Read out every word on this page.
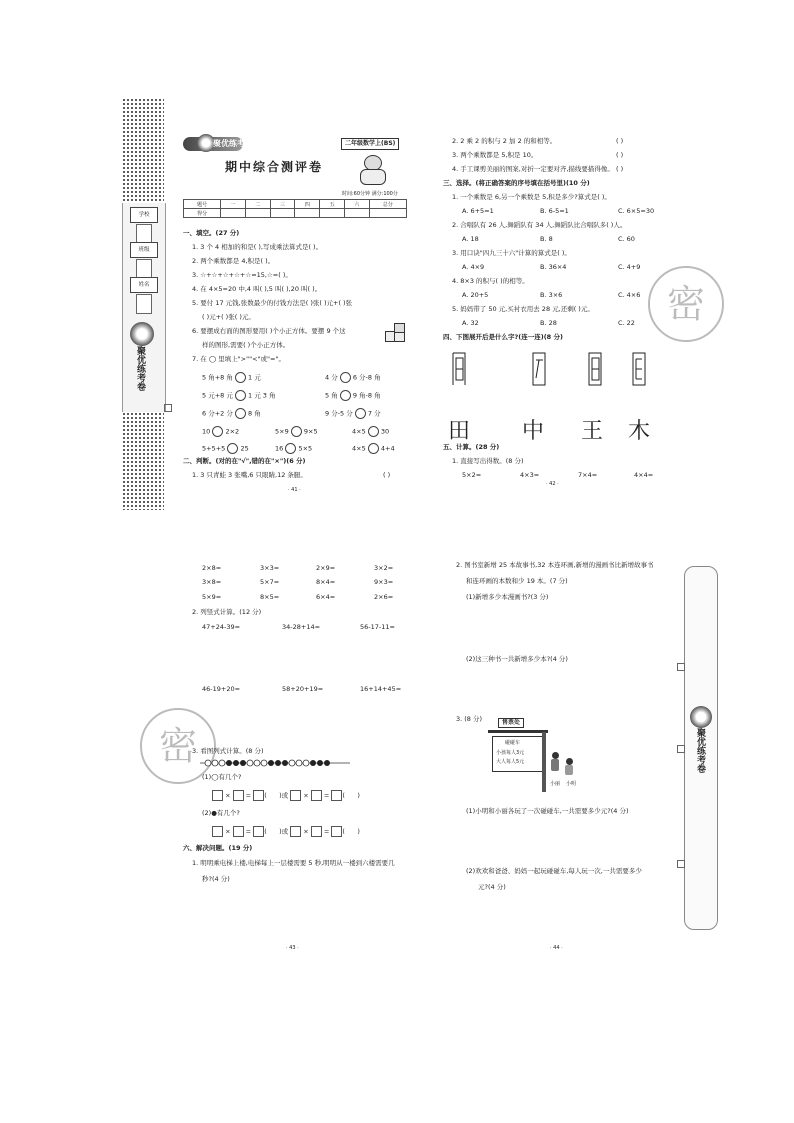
学校
班级
姓名
聚优练考卷
聚优练考卷	二年级数学上(BS)
期中综合测评卷
时间:60分钟 满分:100分
题号	一	二	三	四	五	六	总分
得分							
一、填空。(27 分)
1. 3 个 4 相加的和是( ),写成乘法算式是( )。
2. 两个乘数都是 4,积是( )。
3. ☆+☆+☆+☆+☆=15,☆=( )。
4. 在 4×5=20 中,4 叫( ),5 叫( ),20 叫( )。
5. 要付 17 元钱,张数最少的付钱方法是( )张( )元+( )张
( )元+( )张( )元。
6. 要摆成右面的图形要用( )个小正方体。要摆 9 个这
样的图形,需要( )个小正方体。
7. 在 ◯ 里填上">""<"或"="。
5 角+8 角 1 元	4 分 6 分-8 角
5 元+8 元 1 元 3 角	5 角 9 角-8 角
6 分+2 分 8 角	9 分-5 分 7 分
10 2×2	5×9 9×5	4×5 30
5+5+5 25	16 5×5	4×5 4+4
二、判断。(对的在"√",错的在"×")(6 分)
1. 3 只青蛙 3 张嘴,6 只眼睛,12 条腿。	( )
· 41 ·
2. 2 乘 2 的积与 2 加 2 的和相等。	( )
3. 两个乘数都是 5,积是 10。	( )
4. 手工课剪美丽的图案,对折一定要对齐,描线要描得像。 ( )
三、选择。(将正确答案的序号填在括号里)(10 分)
1. 一个乘数是 6,另一个乘数是 5,积是多少?算式是( )。
A. 6+5=1	B. 6-5=1	C. 6×5=30
2. 合唱队有 26 人,舞蹈队有 34 人,舞蹈队比合唱队多( )人。
A. 18	B. 8	C. 60
3. 用口诀"四九三十六"计算的算式是( )。
A. 4×9	B. 36×4	C. 4+9
4. 8×3 的积与( )的相等。
A. 20+5	B. 3×6	C. 4×6
5. 妈妈带了 50 元,买衬衣用去 28 元,还剩( )元。
A. 32	B. 28	C. 22 密
四、下图展开后是什么字?(连一连)(8 分)
田 中 王 木
五、计算。(28 分)
1. 直接写出得数。(8 分)
5×2=	4×3=	7×4=	4×4=
· 42 ·
2×8=	3×3=	2×9=	3×2=
3×8=	5×7=	8×4=	9×3=
5×9=	8×5=	6×4=	2×6=
2. 列竖式计算。(12 分)
47+24-39=	34-28+14=	56-17-11=
46-19+20=	58+20+19=	16+14+45=
密
3. 看图列式计算。(8 分)
(1)◯有几个?
×  = (      )或  ×  = (      )
(2)●有几个?
×  = (      )或  ×  = (      )
六、解决问题。(19 分)
1. 明明乘电梯上楼,电梯每上一层楼需要 5 秒,明明从一楼到六楼需要几
秒?(4 分)
· 43 ·
2. 图书室新增 25 本故事书,32 本连环画,新增的漫画书比新增故事书
和连环画的本数和少 19 本。(7 分)
(1)新增多少本漫画书?(3 分)
(2)这三种书一共新增多少本?(4 分)
3. (8 分)	售票处
碰碰车
小孩每人3元
大人每人5元
小丽 小明
(1)小明和小丽各玩了一次碰碰车,一共需要多少元?(4 分)
(2)欢欢和爸爸、妈妈一起玩碰碰车,每人玩一次,一共需要多少
元?(4 分)
· 44 ·
聚优练考卷
